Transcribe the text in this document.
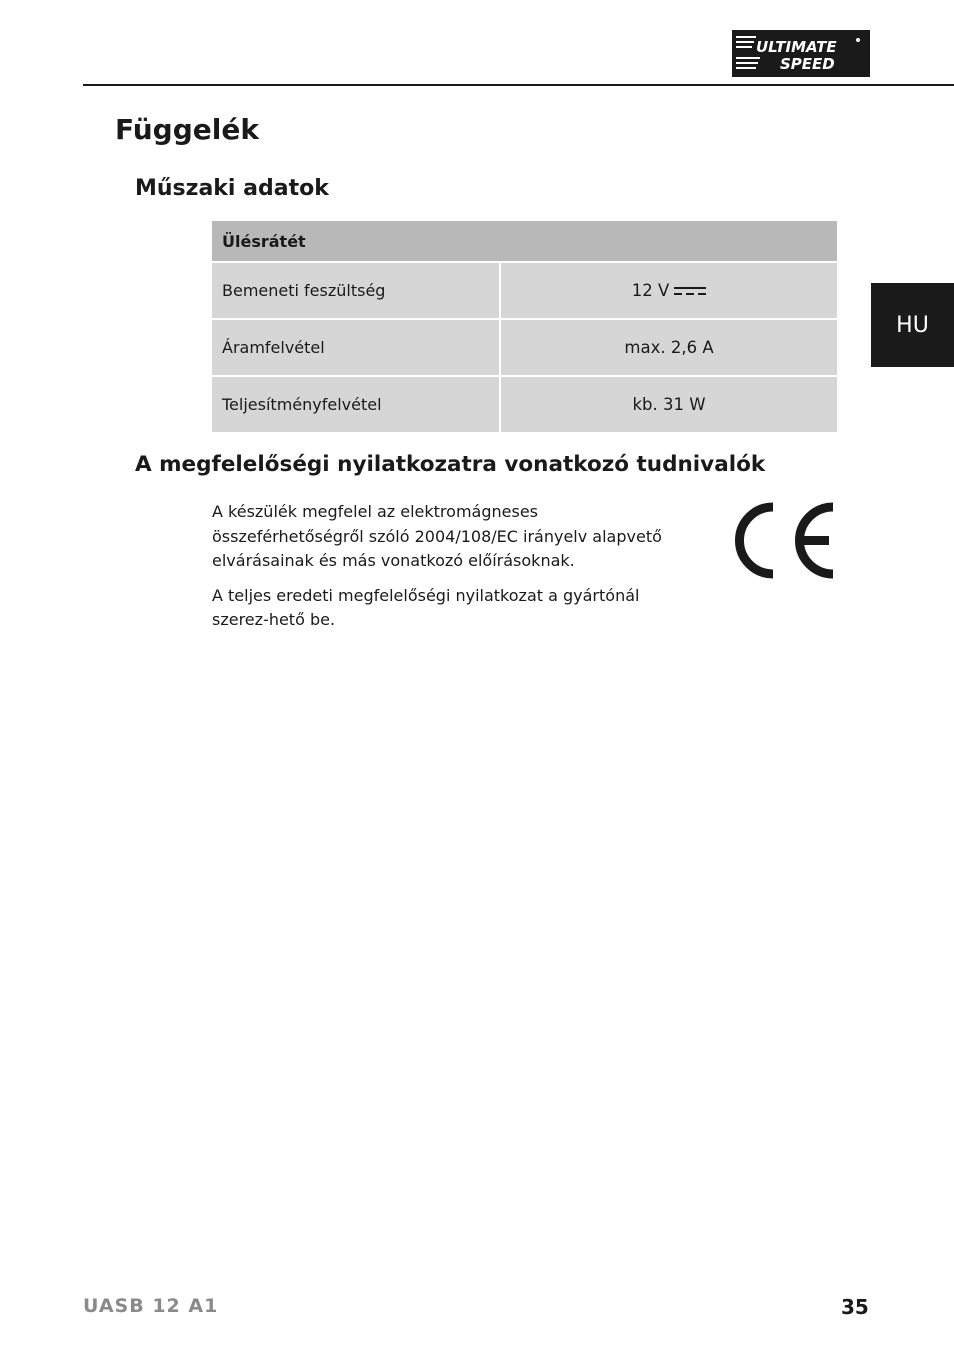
ULTIMATE
SPEED
Függelék
Műszaki adatok
HU
Ülésrátét
Bemeneti feszültség	12 V
Áramfelvétel	max. 2,6 A
Teljesítményfelvétel	kb. 31 W
A megfelelőségi nyilatkozatra vonatkozó tudnivalók

A készülék megfelel az elektromágneses összeférhetőségről szóló 2004/108/EC irányelv alapvető elvárásainak és más vonatkozó előírásoknak.

A teljes eredeti megfelelőségi nyilatkozat a gyártónál szerez-hető be.

UASB 12 A1	35
